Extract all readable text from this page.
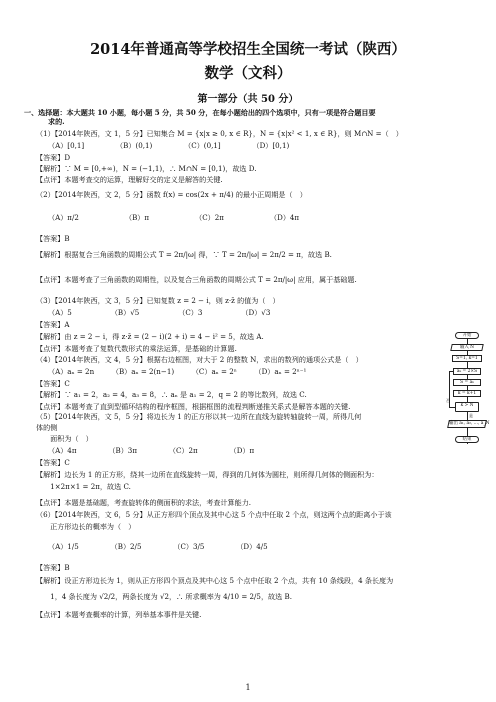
2014年普通高等学校招生全国统一考试（陕西）
数学（文科）
第一部分（共 50 分）
一、选择题：本大题共 10 小题，每小题 5 分，共 50 分，在每小题给出的四个选项中，只有一项是符合题目要
求的.
（1）【2014年陕西，文 1，5 分】已知集合 M = {x|x ≥ 0, x ∈ R}，N = {x|x² < 1, x ∈ R}，则 M∩N =（　）
（A）[0,1]　　　　　（B）(0,1)　　　　　（C）(0,1]　　　　　（D）[0,1)
【答案】D
【解析】∵ M = [0,+∞)，N = (−1,1)，∴ M∩N = [0,1)，故选 D.
【点评】本题考查交的运算，理解好交的定义是解答的关键.
（2）【2014年陕西，文 2，5 分】函数 f(x) = cos(2x + π/4) 的最小正周期是（　）
（A）π/2　　　　　　　（B）π　　　　　　　（C）2π　　　　　　　（D）4π
【答案】B
【解析】根据复合三角函数的周期公式 T = 2π/|ω| 得，∵ T = 2π/|ω| = 2π/2 = π，故选 B.
【点评】本题考查了三角函数的周期性，以及复合三角函数的周期公式 T = 2π/|ω| 应用，属于基础题.
（3）【2014年陕西，文 3，5 分】已知复数 z = 2 − i，则 z·z̄ 的值为（　）
（A）5　　　　　　（B）√5　　　　　　（C）3　　　　　　（D）√3
【答案】A
【解析】由 z = 2 − i，得 z·z̄ = (2 − i)(2 + i) = 4 − i² = 5，故选 A.
【点评】本题考查了复数代数形式的乘法运算，是基础的计算题.
（4）【2014年陕西，文 4，5 分】根据右边框图，对大于 2 的整数 N，求出的数列的通项公式是（　）
（A）aₙ = 2n　　　（B）aₙ = 2(n−1)　　　（C）aₙ = 2ⁿ　　　（D）aₙ = 2ⁿ⁻¹
【答案】C
【解析】∵ a₁ = 2，a₂ = 4，a₃ = 8，∴ aₙ 是 a₁ = 2，q = 2 的等比数列，故选 C.
【点评】本题考查了直到型循环结构的程序框图，根据框图的流程判断递推关系式是解答本题的关键.
（5）【2014年陕西，文 5，5 分】将边长为 1 的正方形以其一边所在直线为旋转轴旋转一周，所得几何
体的侧
　　面积为（　）
（A）4π　　　　　（B）3π　　　　　（C）2π　　　　　（D）π
【答案】C
【解析】边长为 1 的正方形，绕其一边所在直线旋转一周，得到的几何体为圆柱，则所得几何体的侧面积为：
　　1×2π×1 = 2π，故选 C.
【点评】本题是基础题，考查旋转体的侧面积的求法，考查计算能力.
（6）【2014年陕西，文 6，5 分】从正方形四个顶点及其中心这 5 个点中任取 2 个点，则这两个点的距离小于该
　　正方形边长的概率为（　）
（A）1/5　　　　　（B）2/5　　　　　（C）3/5　　　　　（D）4/5
【答案】B
【解析】设正方形边长为 1，则从正方形四个顶点及其中心这 5 个点中任取 2 个点，共有 10 条线段，4 条长度为
　　1，4 条长度为 √2/2，两条长度为 √2，∴ 所求概率为 4/10 = 2/5，故选 B.
【点评】本题考查概率的计算，列举基本事件是关键.
开始
输入 N
S=1, k=1
aₖ = 2×S
S = aₖ
k = k+1
k > N
否
是
输出 a₁, a₂, …, a_N
结束
1
